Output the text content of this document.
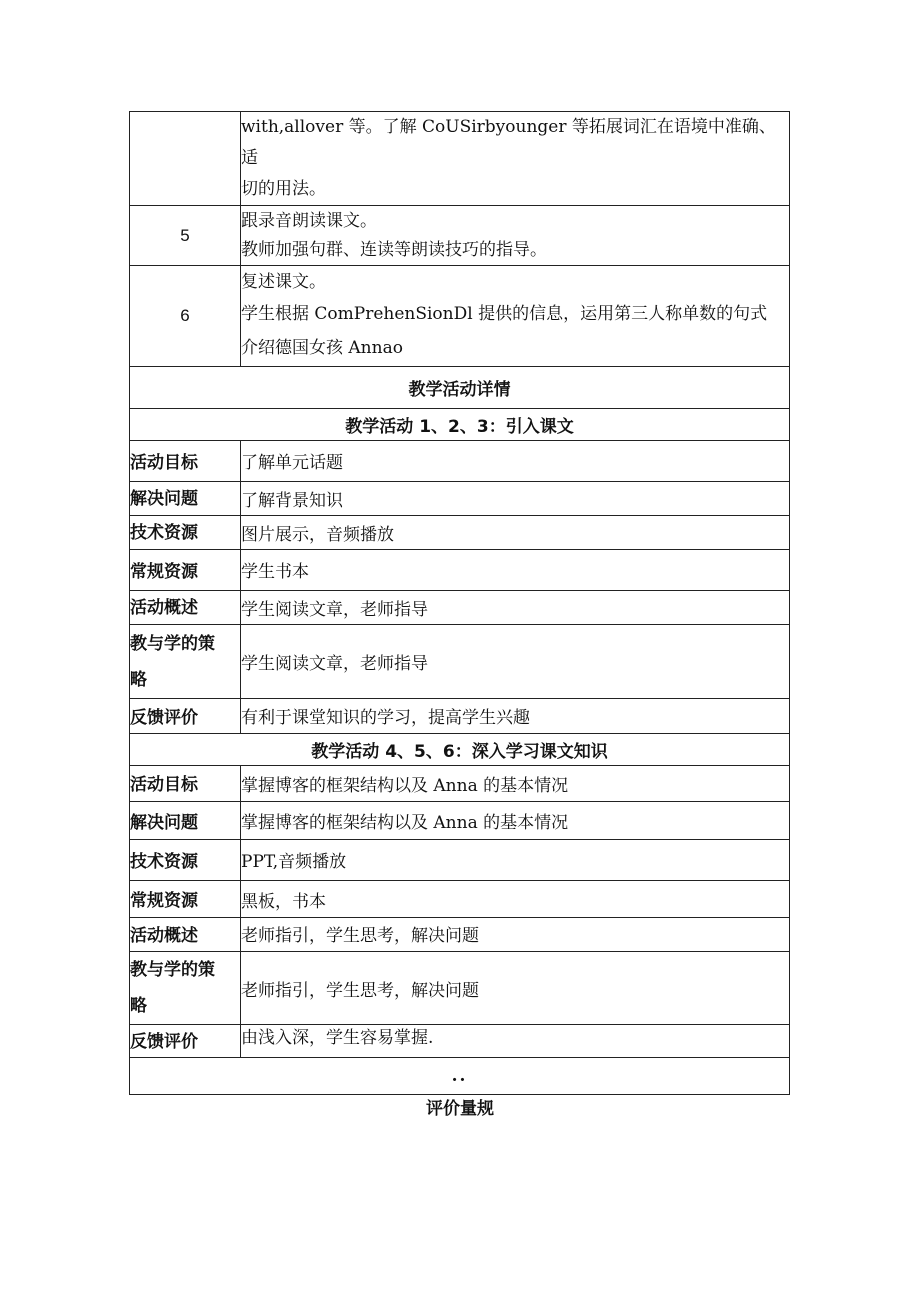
	with,allover 等。了解 CoUSirbyounger 等拓展词汇在语境中准确、适
切的用法。

5	跟录音朗读课文。
教师加强句群、连读等朗读技巧的指导。

6	复述课文。
学生根据 ComPrehenSionDl 提供的信息，运用第三人称单数的句式
介绍德国女孩 Annao

教学活动详情	
教学活动 1、2、3：引入课文	
活动目标	了解单元话题
解决问题	了解背景知识
技术资源	图片展示，音频播放
常规资源	学生书本
活动概述	学生阅读文章，老师指导

教与学的策
略	学生阅读文章，老师指导
反馈评价	有利于课堂知识的学习，提高学生兴趣
教学活动 4、5、6：深入学习课文知识	
活动目标	掌握博客的框架结构以及 Anna 的基本情况
解决问题	掌握博客的框架结构以及 Anna 的基本情况
技术资源	PPT,音频播放
常规资源	黑板，书本
活动概述	老师指引，学生思考，解决问题

教与学的策
略	老师指引，学生思考，解决问题
反馈评价	由浅入深，学生容易掌握.
..	
评价量规
